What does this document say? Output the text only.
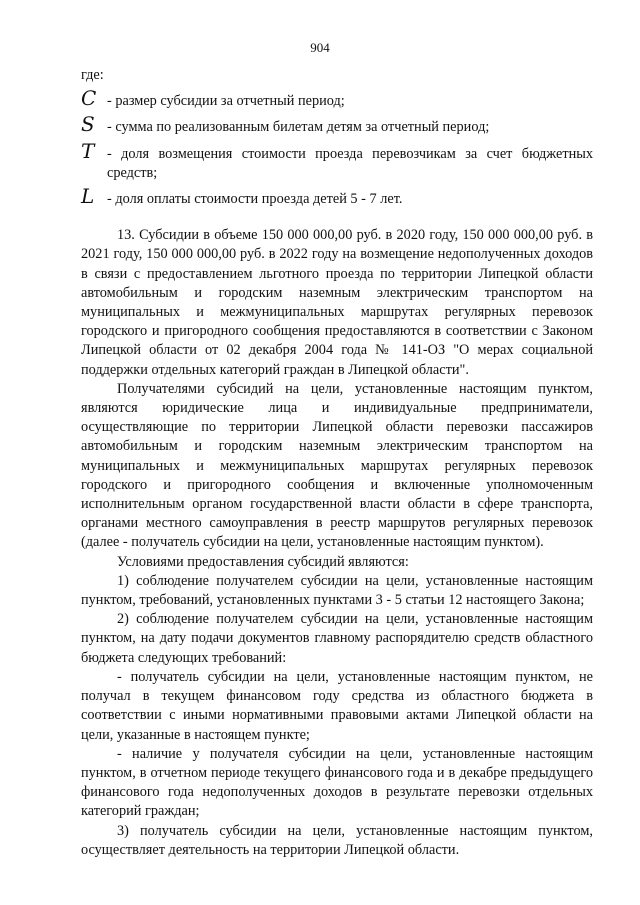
904

где:

C - размер субсидии за отчетный период;
S - сумма по реализованным билетам детям за отчетный период;
T - доля возмещения стоимости проезда перевозчикам за счет бюджетных средств;
L - доля оплаты стоимости проезда детей 5 - 7 лет.

13. Субсидии в объеме 150 000 000,00 руб. в 2020 году, 150 000 000,00 руб. в 2021 году, 150 000 000,00 руб. в 2022 году на возмещение недополученных доходов в связи с предоставлением льготного проезда по территории Липецкой области автомобильным и городским наземным электрическим транспортом на муниципальных и межмуниципальных маршрутах регулярных перевозок городского и пригородного сообщения предоставляются в соответствии с Законом Липецкой области от 02 декабря 2004 года № 141-ОЗ "О мерах социальной поддержки отдельных категорий граждан в Липецкой области".

Получателями субсидий на цели, установленные настоящим пунктом, являются юридические лица и индивидуальные предприниматели, осуществляющие по территории Липецкой области перевозки пассажиров автомобильным и городским наземным электрическим транспортом на муниципальных и межмуниципальных маршрутах регулярных перевозок городского и пригородного сообщения и включенные уполномоченным исполнительным органом государственной власти области в сфере транспорта, органами местного самоуправления в реестр маршрутов регулярных перевозок (далее - получатель субсидии на цели, установленные настоящим пунктом).

Условиями предоставления субсидий являются:

1) соблюдение получателем субсидии на цели, установленные настоящим пунктом, требований, установленных пунктами 3 - 5 статьи 12 настоящего Закона;

2) соблюдение получателем субсидии на цели, установленные настоящим пунктом, на дату подачи документов главному распорядителю средств областного бюджета следующих требований:

- получатель субсидии на цели, установленные настоящим пунктом, не получал в текущем финансовом году средства из областного бюджета в соответствии с иными нормативными правовыми актами Липецкой области на цели, указанные в настоящем пункте;

- наличие у получателя субсидии на цели, установленные настоящим пунктом, в отчетном периоде текущего финансового года и в декабре предыдущего финансового года недополученных доходов в результате перевозки отдельных категорий граждан;

3) получатель субсидии на цели, установленные настоящим пунктом, осуществляет деятельность на территории Липецкой области.
